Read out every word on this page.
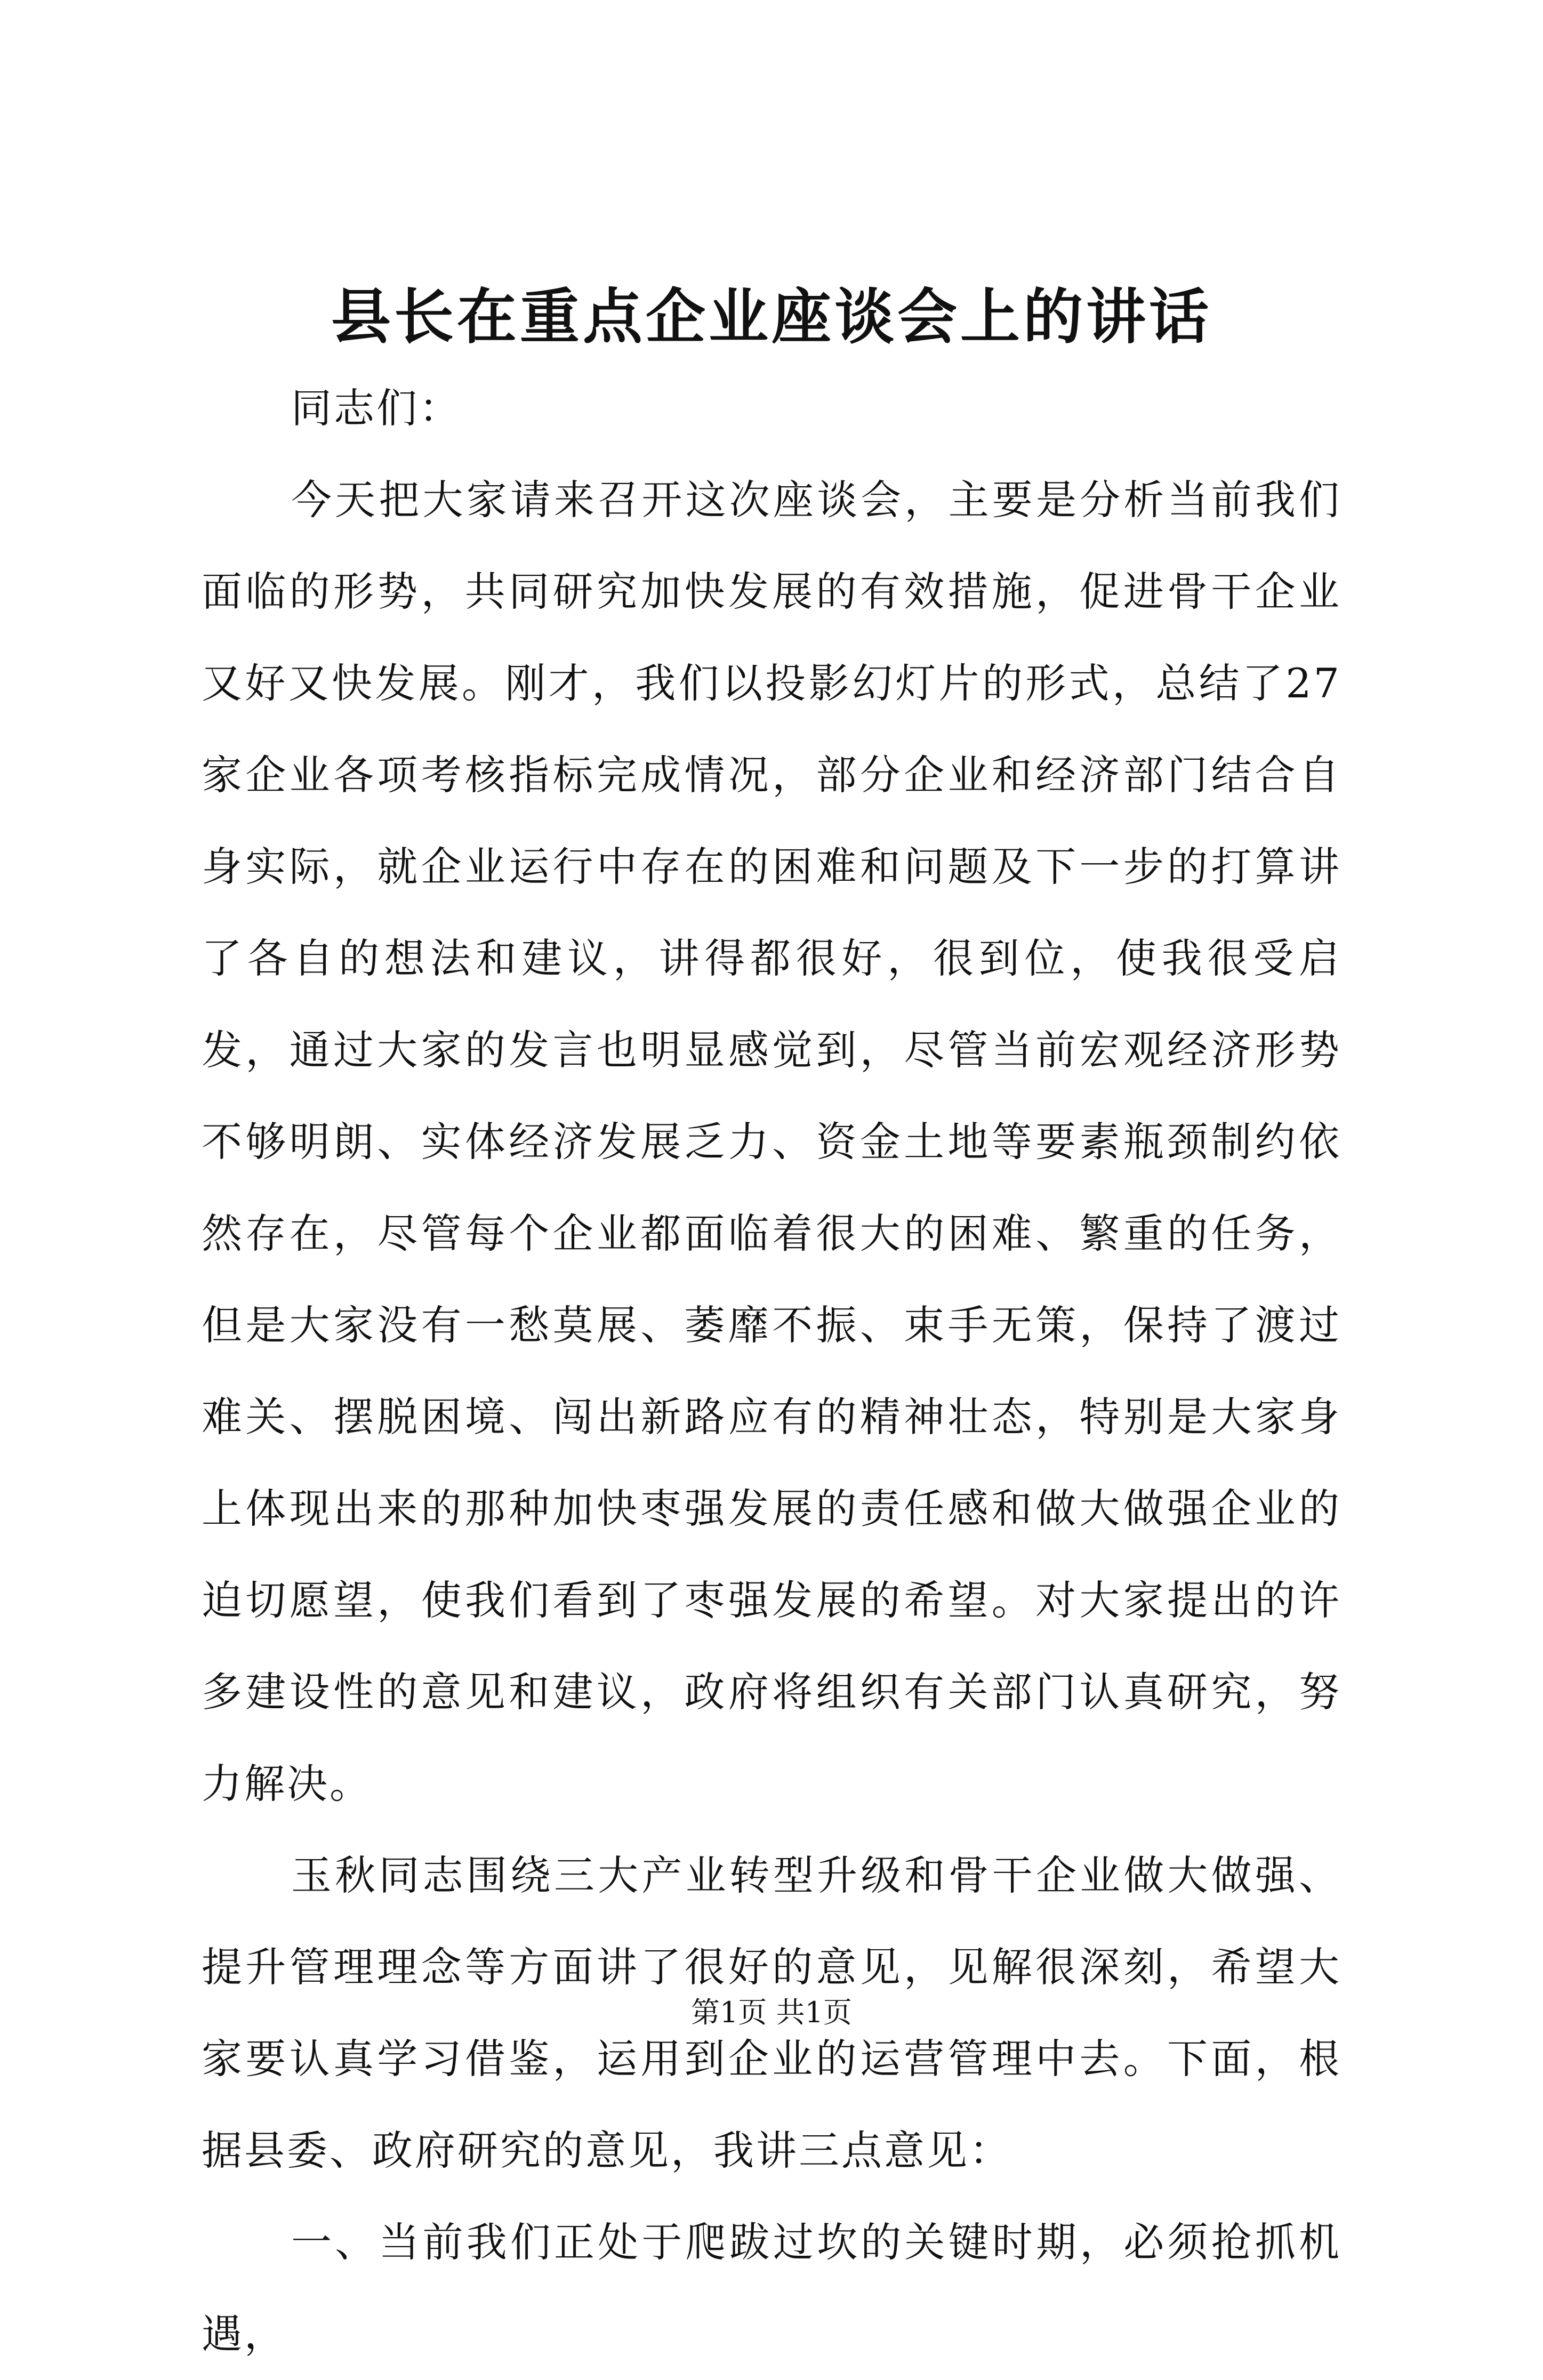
县长在重点企业座谈会上的讲话

同志们：

今天把大家请来召开这次座谈会，主要是分析当前我们面临的形势，共同研究加快发展的有效措施，促进骨干企业又好又快发展。刚才，我们以投影幻灯片的形式，总结了27家企业各项考核指标完成情况，部分企业和经济部门结合自身实际，就企业运行中存在的困难和问题及下一步的打算讲了各自的想法和建议，讲得都很好，很到位，使我很受启发，通过大家的发言也明显感觉到，尽管当前宏观经济形势不够明朗、实体经济发展乏力、资金土地等要素瓶颈制约依然存在，尽管每个企业都面临着很大的困难、繁重的任务，但是大家没有一愁莫展、萎靡不振、束手无策，保持了渡过难关、摆脱困境、闯出新路应有的精神壮态，特别是大家身上体现出来的那种加快枣强发展的责任感和做大做强企业的迫切愿望，使我们看到了枣强发展的希望。对大家提出的许多建设性的意见和建议，政府将组织有关部门认真研究，努力解决。

玉秋同志围绕三大产业转型升级和骨干企业做大做强、提升管理理念等方面讲了很好的意见，见解很深刻，希望大家要认真学习借鉴，运用到企业的运营管理中去。下面，根据县委、政府研究的意见，我讲三点意见：

一、当前我们正处于爬跋过坎的关键时期，必须抢抓机遇，

第1页 共1页
